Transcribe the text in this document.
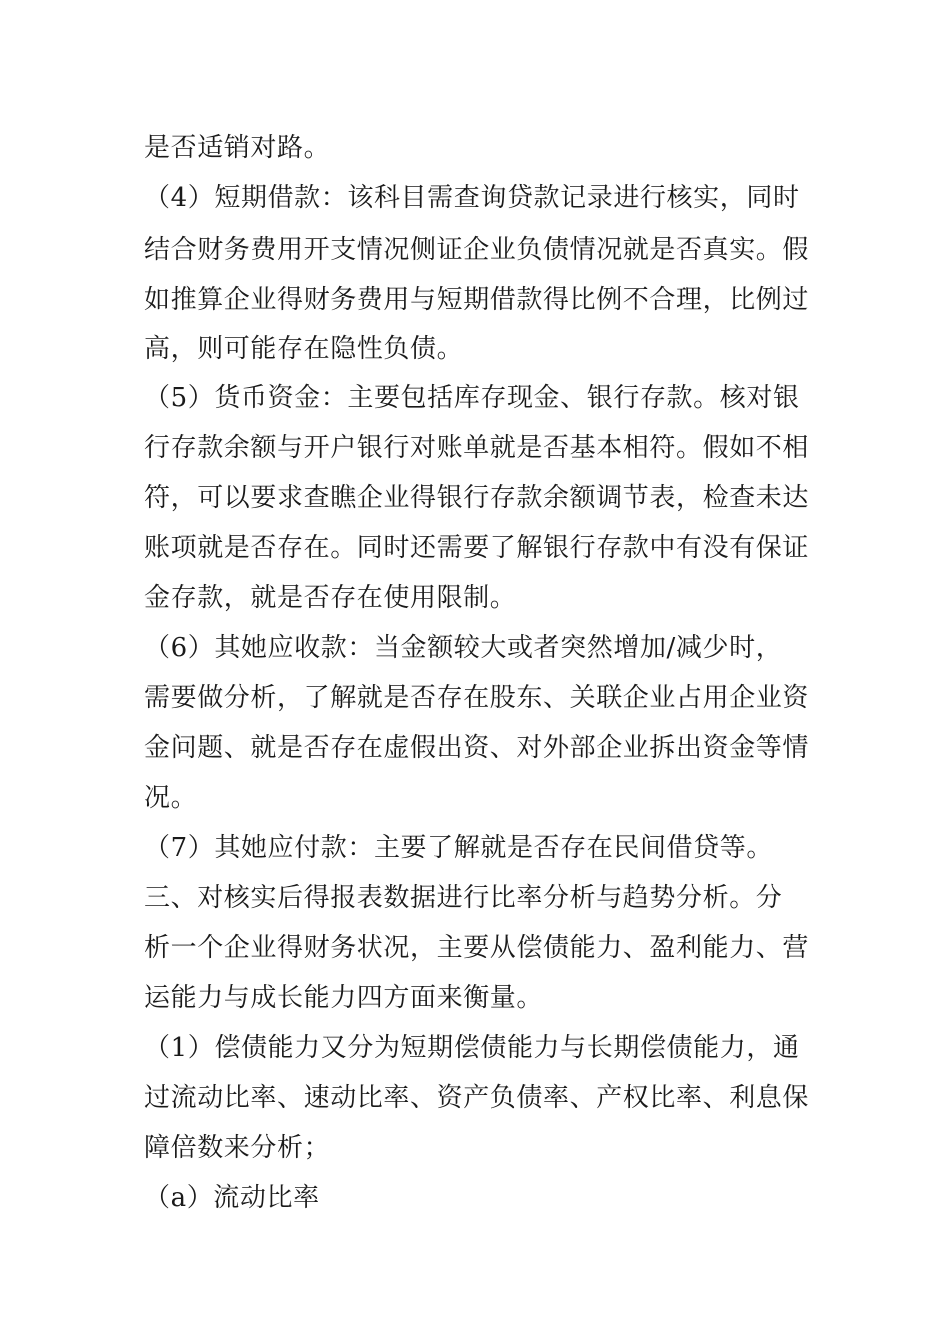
是否适销对路。
（4）短期借款：该科目需查询贷款记录进行核实，同时
结合财务费用开支情况侧证企业负债情况就是否真实。假
如推算企业得财务费用与短期借款得比例不合理，比例过
高，则可能存在隐性负债。
（5）货币资金：主要包括库存现金、银行存款。核对银
行存款余额与开户银行对账单就是否基本相符。假如不相
符，可以要求查瞧企业得银行存款余额调节表，检查未达
账项就是否存在。同时还需要了解银行存款中有没有保证
金存款，就是否存在使用限制。
（6）其她应收款：当金额较大或者突然增加/减少时，
需要做分析，了解就是否存在股东、关联企业占用企业资
金问题、就是否存在虚假出资、对外部企业拆出资金等情
况。
（7）其她应付款：主要了解就是否存在民间借贷等。
三、对核实后得报表数据进行比率分析与趋势分析。分
析一个企业得财务状况，主要从偿债能力、盈利能力、营
运能力与成长能力四方面来衡量。
（1）偿债能力又分为短期偿债能力与长期偿债能力，通
过流动比率、速动比率、资产负债率、产权比率、利息保
障倍数来分析；
（a）流动比率
